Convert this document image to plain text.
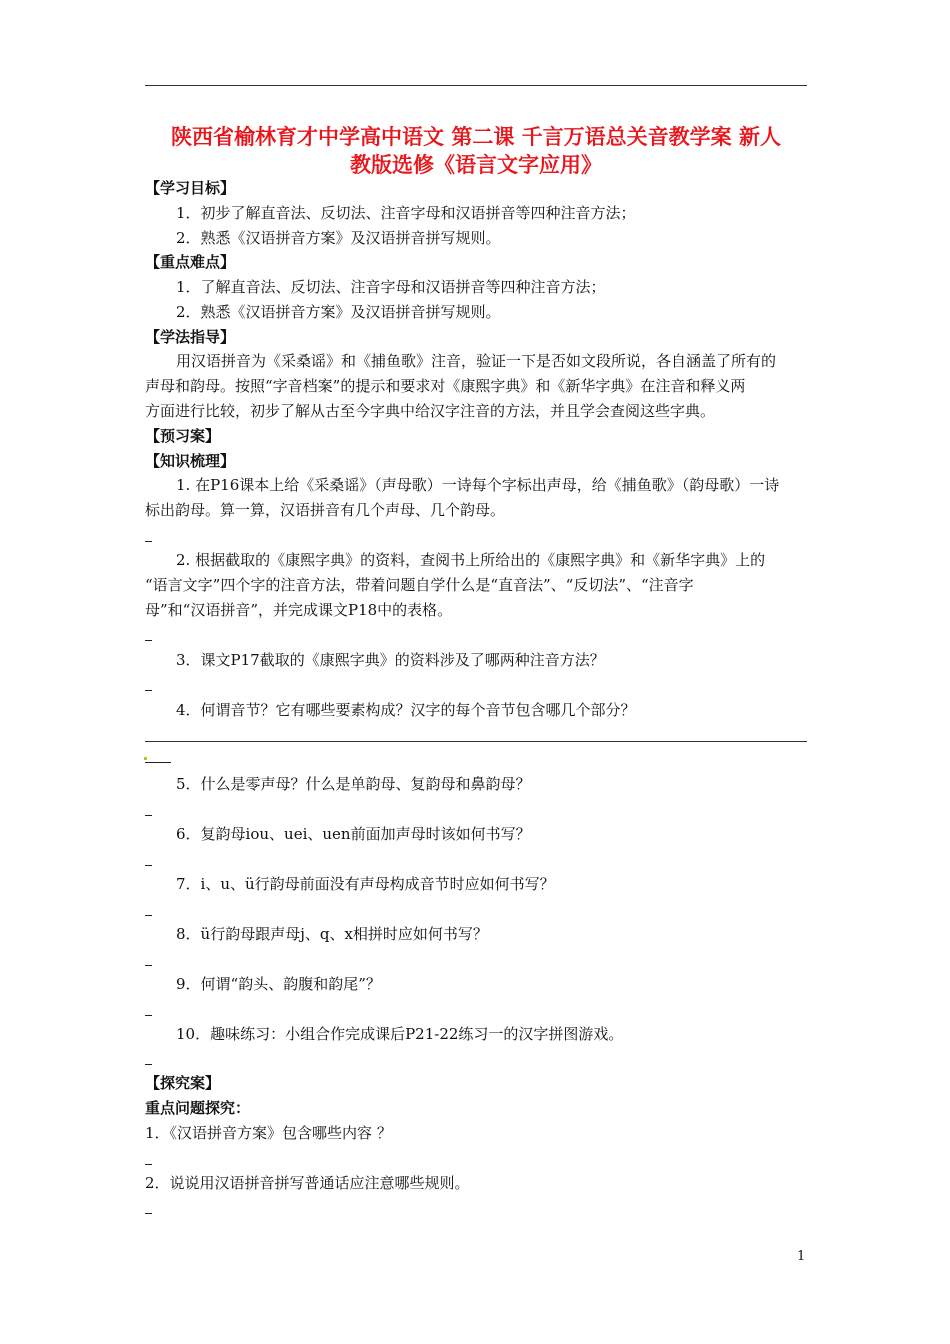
陕西省榆林育才中学高中语文 第二课 千言万语总关音教学案 新人
教版选修《语言文字应用》
【学习目标】
1．初步了解直音法、反切法、注音字母和汉语拼音等四种注音方法；
2．熟悉《汉语拼音方案》及汉语拼音拼写规则。
【重点难点】
1．了解直音法、反切法、注音字母和汉语拼音等四种注音方法；
2．熟悉《汉语拼音方案》及汉语拼音拼写规则。
【学法指导】
用汉语拼音为《采桑谣》和《捕鱼歌》注音，验证一下是否如文段所说，各自涵盖了所有的
声母和韵母。按照“字音档案”的提示和要求对《康熙字典》和《新华字典》在注音和释义两
方面进行比较，初步了解从古至今字典中给汉字注音的方法，并且学会查阅这些字典。
【预习案】
【知识梳理】
1. 在P16课本上给《采桑谣》（声母歌）一诗每个字标出声母，给《捕鱼歌》（韵母歌）一诗
标出韵母。算一算，汉语拼音有几个声母、几个韵母。
2. 根据截取的《康熙字典》的资料，查阅书上所给出的《康熙字典》和《新华字典》上的
“语言文字”四个字的注音方法，带着问题自学什么是“直音法”、“反切法”、“注音字
母”和“汉语拼音”，并完成课文P18中的表格。
3．课文P17截取的《康熙字典》的资料涉及了哪两种注音方法？
4．何谓音节？它有哪些要素构成？汉字的每个音节包含哪几个部分？
5．什么是零声母？什么是单韵母、复韵母和鼻韵母？
6．复韵母iou、uei、uen前面加声母时该如何书写？
7．i、u、ü行韵母前面没有声母构成音节时应如何书写？
8．ü行韵母跟声母j、q、x相拼时应如何书写？
9．何谓“韵头、韵腹和韵尾”？
10．趣味练习：小组合作完成课后P21-22练习一的汉字拼图游戏。
【探究案】
重点问题探究：
1．《汉语拼音方案》包含哪些内容 ？
2．说说用汉语拼音拼写普通话应注意哪些规则。
1
